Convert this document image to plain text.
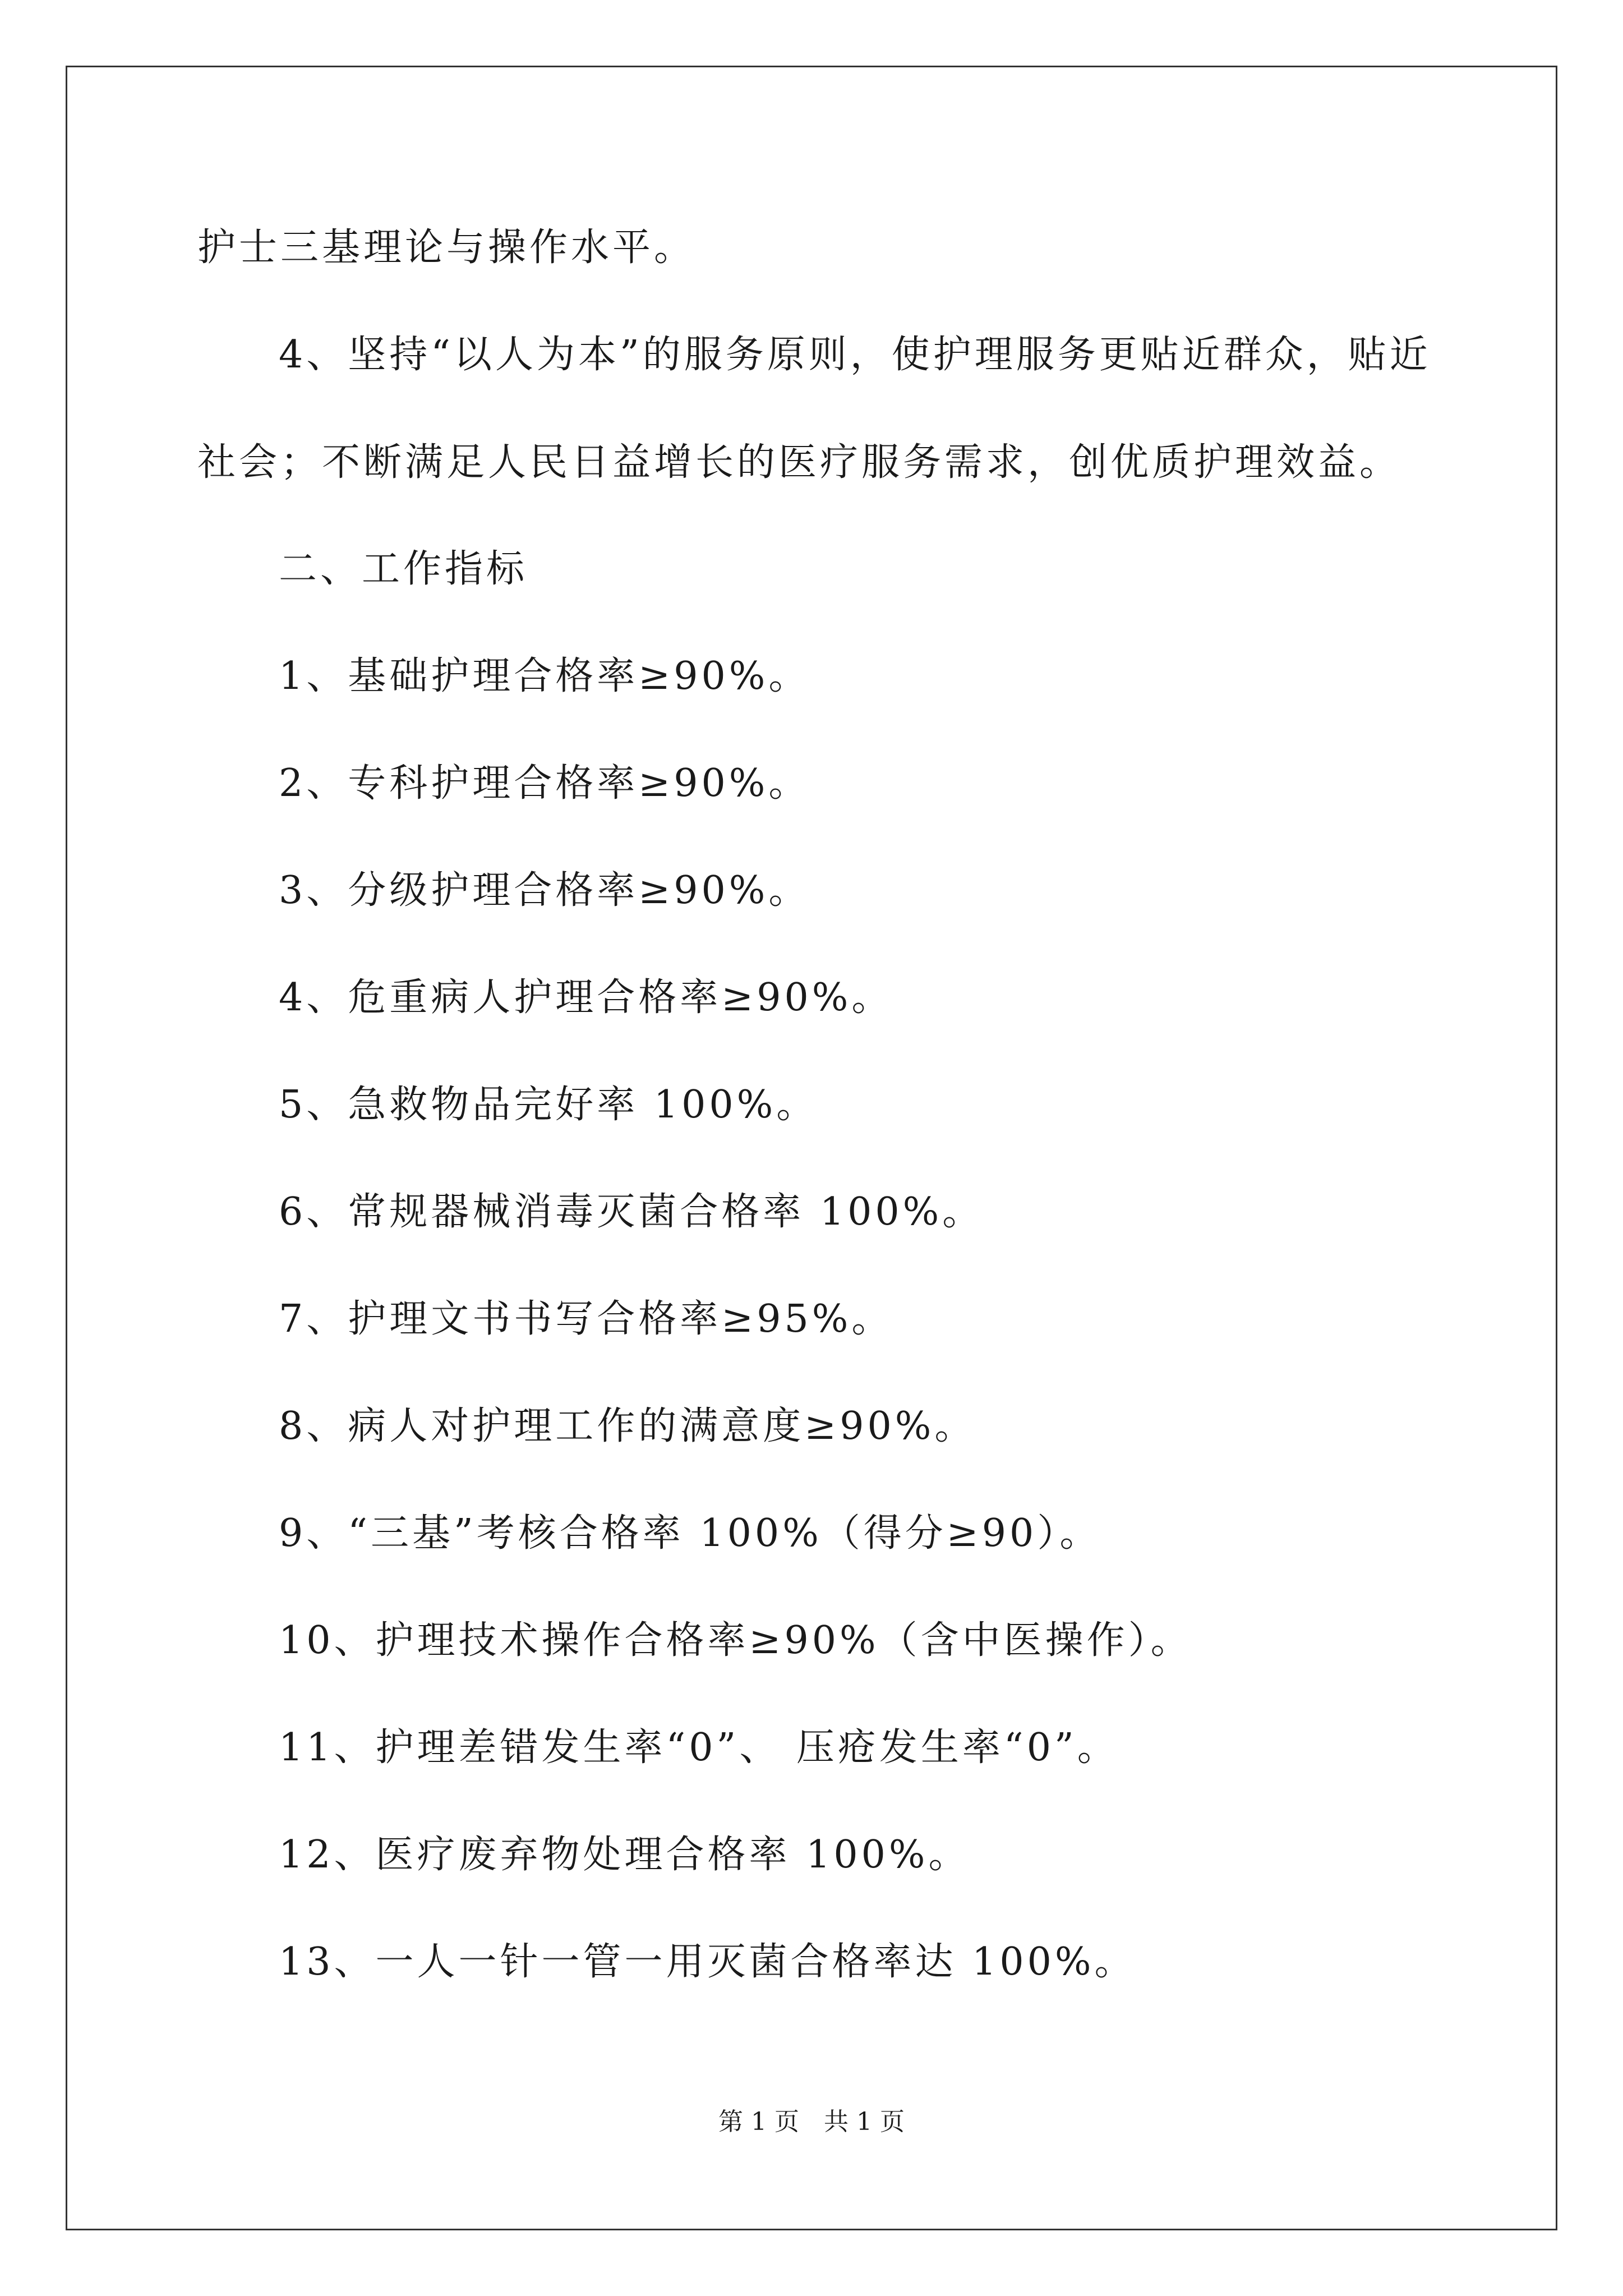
护士三基理论与操作水平。
4、坚持“以人为本”的服务原则，使护理服务更贴近群众，贴近
社会；不断满足人民日益增长的医疗服务需求，创优质护理效益。
二、工作指标
1、基础护理合格率≥90%。
2、专科护理合格率≥90%。
3、分级护理合格率≥90%。
4、危重病人护理合格率≥90%。
5、急救物品完好率 100%。
6、常规器械消毒灭菌合格率 100%。
7、护理文书书写合格率≥95%。
8、病人对护理工作的满意度≥90%。
9、“三基”考核合格率 100%（得分≥90）。
10、护理技术操作合格率≥90%（含中医操作）。
11、护理差错发生率“0”、 压疮发生率“0”。
12、医疗废弃物处理合格率 100%。
13、一人一针一管一用灭菌合格率达 100%。
第 1 页　共 1 页
